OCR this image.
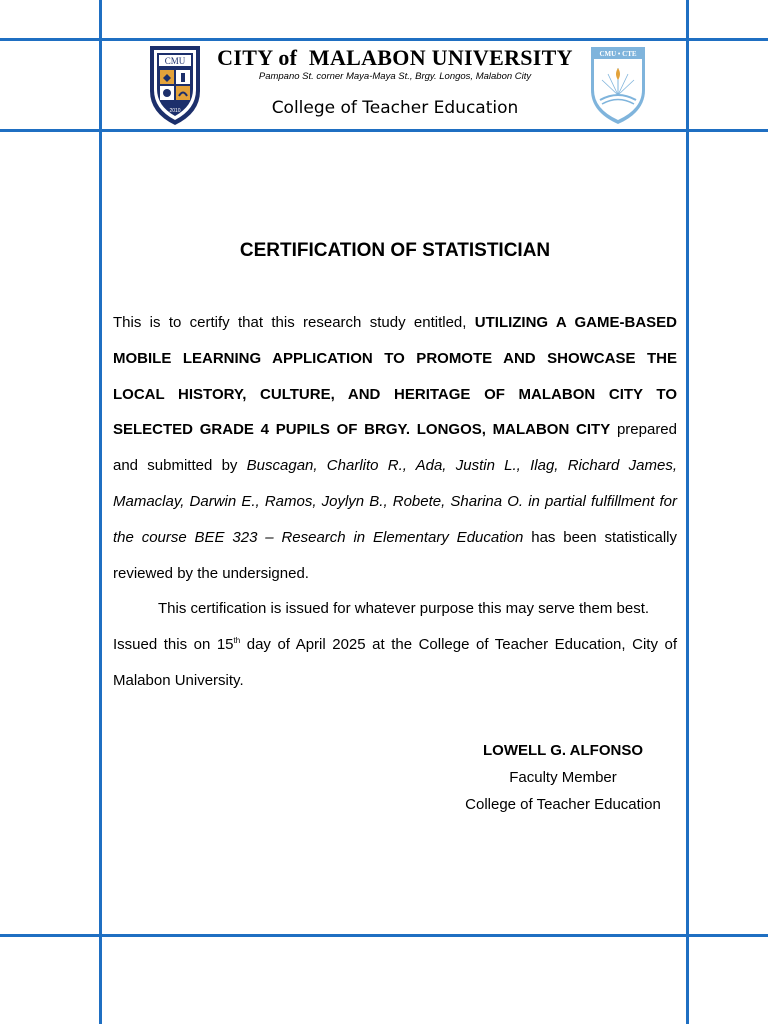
CMU
2010
CITY of  MALABON UNIVERSITY
Pampano St. corner Maya-Maya St., Brgy. Longos, Malabon City
College of Teacher Education
CMU • CTE
CERTIFICATION OF STATISTICIAN

This is to certify that this research study entitled, UTILIZING A GAME-BASED MOBILE LEARNING APPLICATION TO PROMOTE AND SHOWCASE THE LOCAL HISTORY, CULTURE, AND HERITAGE OF MALABON CITY TO SELECTED GRADE 4 PUPILS OF BRGY. LONGOS, MALABON CITY prepared and submitted by Buscagan, Charlito R., Ada, Justin L., Ilag, Richard James, Mamaclay, Darwin E., Ramos, Joylyn B., Robete, Sharina O. in partial fulfillment for the course BEE 323 – Research in Elementary Education has been statistically reviewed by the undersigned.

This certification is issued for whatever purpose this may serve them best.

Issued this on 15th day of April 2025 at the College of Teacher Education, City of Malabon University.

LOWELL G. ALFONSO
Faculty Member
College of Teacher Education
